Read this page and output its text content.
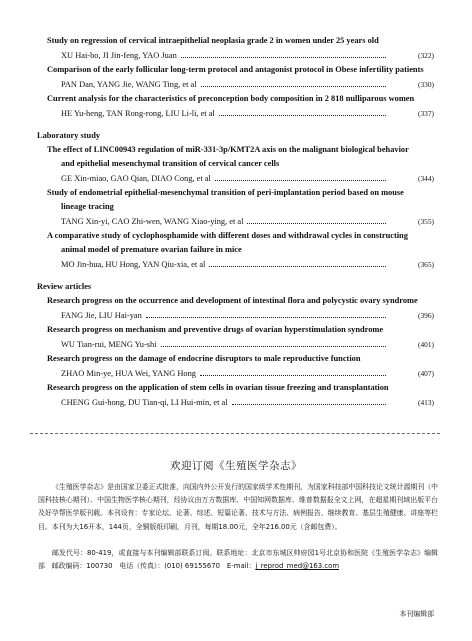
Study on regression of cervical intraepithelial neoplasia grade 2 in women under 25 years old
XU Hai-bo, JI Jin-feng, YAO Juan	(322)
Comparison of the early follicular long-term protocol and antagonist protocol in Obese infertility patients
PAN Dan, YANG Jie, WANG Ting, et al	(330)
Current analysis for the characteristics of preconception body composition in 2 818 nulliparous women
HE Yu-heng, TAN Rong-rong, LIU Li-li, et al	(337)
Laboratory study
The effect of LINC00943 regulation of miR-331-3p/KMT2A axis on the malignant biological behavior
and epithelial mesenchymal transition of cervical cancer cells
GE Xin-miao, GAO Qian, DIAO Cong, et al	(344)
Study of endometrial epithelial-mesenchymal transition of peri-implantation period based on mouse
lineage tracing
TANG Xin-yi, CAO Zhi-wen, WANG Xiao-ying, et al	(355)
A comparative study of cyclophosphamide with different doses and withdrawal cycles in constructing
animal model of premature ovarian failure in mice
MO Jin-hua, HU Hong, YAN Qiu-xia, et al	(365)
Review articles
Research progress on the occurrence and development of intestinal flora and polycystic ovary syndrome
FANG Jie, LIU Hai-yan	(396)
Research progress on mechanism and preventive drugs of ovarian hyperstimulation syndrome
WU Tian-rui, MENG Yu-shi	(401)
Research progress on the damage of endocrine disruptors to male reproductive function
ZHAO Min-ye, HUA Wei, YANG Hong	(407)
Research progress on the application of stem cells in ovarian tissue freezing and transplantation
CHENG Gui-hong, DU Tian-qi, LI Hui-min, et al	(413)
欢迎订阅《生殖医学杂志》
《生殖医学杂志》是由国家卫委正式批准，向国内外公开发行的国家级学术性期刊，为国家科技部中国科技论文统计源期刊（中国科技核心期刊）、中国生物医学核心期刊，经协议由万方数据库、中国知网数据库、维普数据报全文上网，在超星期刊域出版平台及好孕帮医学版刊载。本刊设有：专家论坛、论著、综述、短篇论著、技术与方法、病例报告、继续教育、基层生殖健康、讲座等栏目。本刊为大16开本，144页，全铜版纸印刷，月刊，每期18.00元，全年216.00元（含邮包费）。
邮发代号：80-419，或直接与本刊编辑部联系订阅。联系地址：北京市东城区帅府园1号北京协和医院《生殖医学杂志》编辑部　邮政编码：100730　电话（传真）：(010) 69155670　E-mail：j_reprod_med@163.com
本刊编辑部
